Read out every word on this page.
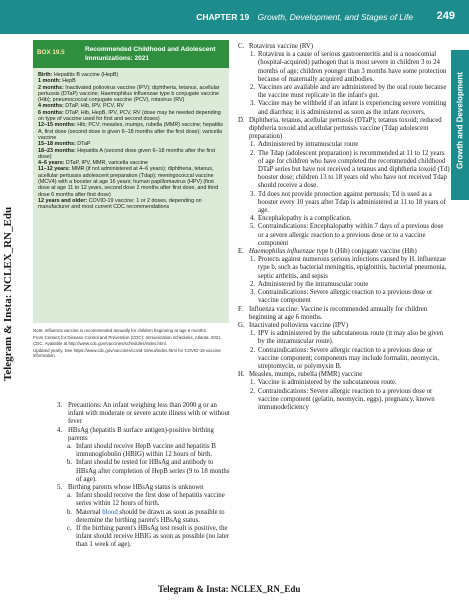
CHAPTER 19 Growth, Development, and Stages of Life 249
Growth and Development
Telegram & Insta: NCLEX_RN_Edu
BOX 19.5	Recommended Childhood and Adolescent Immunizations: 2021

Birth: Hepatitis B vaccine (HepB)

1 month: HepB

2 months: Inactivated poliovirus vaccine (IPV); diphtheria, tetanus, acellular pertussis (DTaP) vaccine; Haemophilus influenzae type b conjugate vaccine (Hib); pneumococcal conjugate vaccine (PCV), rotavirus (RV)

4 months: DTaP, Hib, IPV, PCV, RV

6 months: DTaP, Hib, HepB, IPV, PCV, RV (dose may be needed depending on type of vaccine used for first and second doses)

12–15 months: Hib; PCV; measles, mumps, rubella (MMR) vaccine; hepatitis A, first dose (second dose is given 6–18 months after the first dose); varicella vaccine

15–18 months: DTaP

18–23 months: Hepatitis A (second dose given 6–18 months after the first dose)

4–6 years: DTaP, IPV, MMR, varicella vaccine

11–12 years: MMR (if not administered at 4–6 years); diphtheria, tetanus, acellular pertussis adolescent preparation (Tdap); meningococcal vaccine (MCV4) with a booster at age 16 years; human papillomavirus (HPV) (first dose at age 11 to 12 years, second dose 2 months after first dose, and third dose 6 months after first dose)

12 years and older: COVID-19 vaccine: 1 or 2 doses, depending on manufacturer and most current CDC recommendations

Note: Influenza vaccine is recommended annually for children beginning at age 6 months.

From Centers for Disease Control and Prevention (CDC): Immunization schedules, Atlanta, 2021, CDC. Available at http://www.cdc.gov/vaccines/schedules/index.html.

Updated yearly. See https://www.cdc.gov/vaccines/covid-19/eui/index.html for COVID-19 vaccine information.

3. Precautions: An infant weighing less than 2000 g or an infant with moderate or severe acute illness with or without fever

4. HBsAg (hepatitis B surface antigen)-positive birthing parents

a. Infant should receive HepB vaccine and hepatitis B immunoglobulin (HBIG) within 12 hours of birth.

b. Infant should be tested for HBsAg and antibody to HBsAg after completion of HepB series (9 to 18 months of age).

5. Birthing parents whose HBsAg status is unknown

a. Infant should receive the first dose of hepatitis vaccine series within 12 hours of birth.

b. Maternal blood should be drawn as soon as possible to determine the birthing parent's HBsAg status.

c. If the birthing parent's HBsAg test result is positive, the infant should receive HBIG as soon as possible (no later than 1 week of age).

C. Rotavirus vaccine (RV)

1. Rotavirus is a cause of serious gastroenteritis and is a nosocomial (hospital-acquired) pathogen that is most severe in children 3 to 24 months of age; children younger than 3 months have some protection because of maternally acquired antibodies.

2. Vaccines are available and are administered by the oral route because the vaccine must replicate in the infant's gut.

3. Vaccine may be withheld if an infant is experiencing severe vomiting and diarrhea; it is administered as soon as the infant recovers.

D. Diphtheria, tetanus, acellular pertussis (DTaP); tetanus toxoid; reduced diphtheria toxoid and acellular pertussis vaccine (Tdap adolescent preparation)

1. Administered by intramuscular route

2. The Tdap (adolescent preparation) is recommended at 11 to 12 years of age for children who have completed the recommended childhood DTaP series but have not received a tetanus and diphtheria toxoid (Td) booster dose; children 13 to 18 years old who have not received Tdap should receive a dose.

3. Td does not provide protection against pertussis; Td is used as a booster every 10 years after Tdap is administered at 11 to 18 years of age.

4. Encephalopathy is a complication.

5. Contraindications: Encephalopathy within 7 days of a previous dose or a severe allergic reaction to a previous dose or to a vaccine component

E. Haemophilus influenzae type b (Hib) conjugate vaccine (Hib)

1. Protects against numerous serious infections caused by H. influenzae type b, such as bacterial meningitis, epiglottitis, bacterial pneumonia, septic arthritis, and sepsis

2. Administered by the intramuscular route

3. Contraindications: Severe allergic reaction to a previous dose or vaccine component

F. Influenza vaccine: Vaccine is recommended annually for children beginning at age 6 months.

G. Inactivated poliovirus vaccine (IPV)

1. IPV is administered by the subcutaneous route (it may also be given by the intramuscular route).

2. Contraindications: Severe allergic reaction to a previous dose or vaccine component; components may include formalin, neomycin, streptomycin, or polymyxin B.

H. Measles, mumps, rubella (MMR) vaccine

1. Vaccine is administered by the subcutaneous route.

2. Contraindications: Severe allergic reaction to a previous dose or vaccine component (gelatin, neomycin, eggs), pregnancy, known immunodeficiency

Telegram & Insta: NCLEX_RN_Edu
